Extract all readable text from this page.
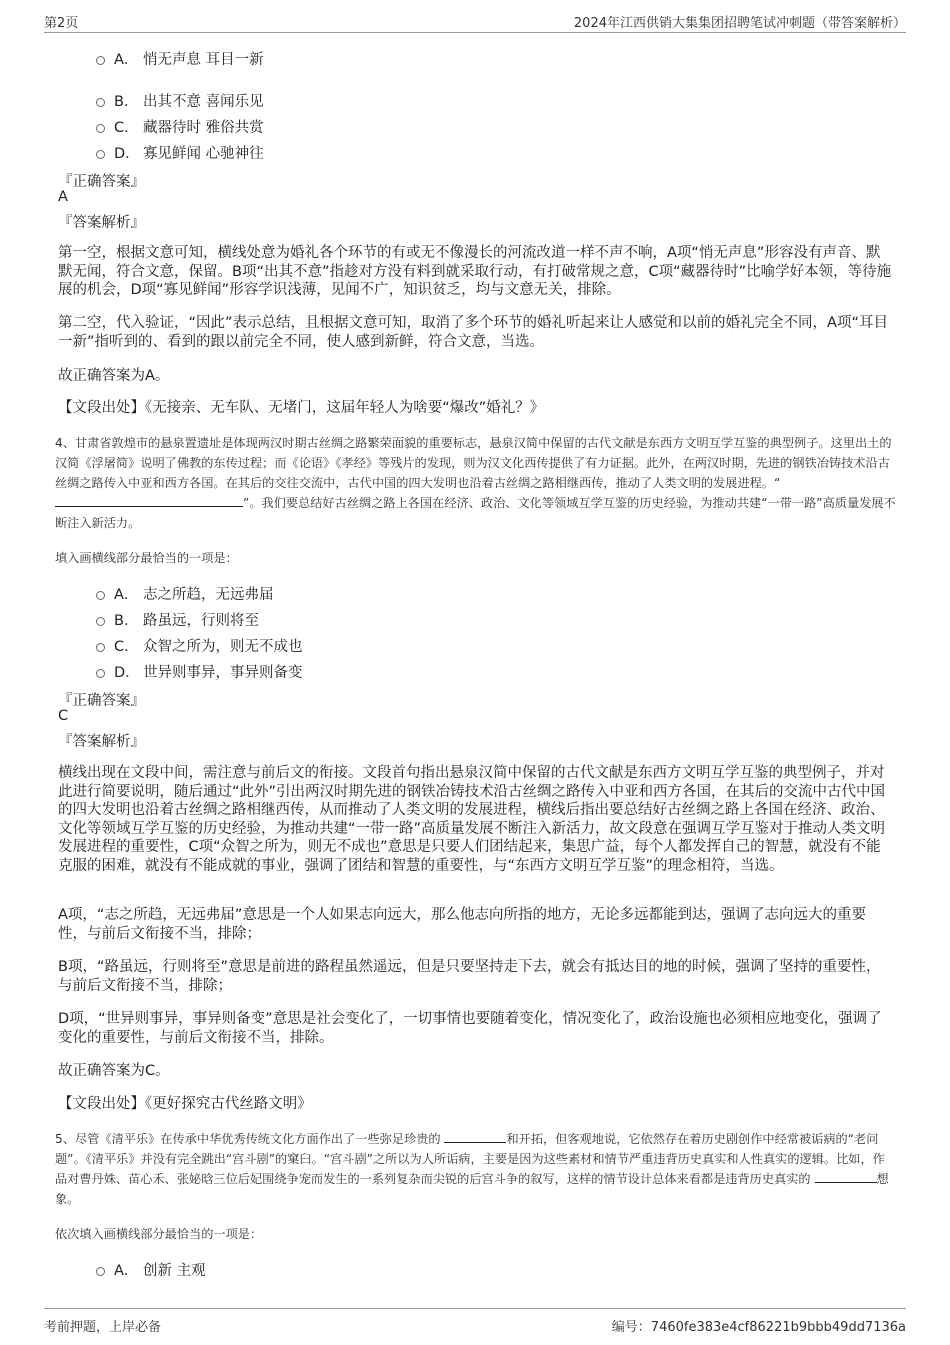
第2页	2024年江西供销大集集团招聘笔试冲刺题（带答案解析）
A． 悄无声息 耳目一新
B． 出其不意 喜闻乐见
C． 藏器待时 雅俗共赏
D． 寡见鲜闻 心驰神往
『正确答案』
A
『答案解析』
第一空，根据文意可知，横线处意为婚礼各个环节的有或无不像漫长的河流改道一样不声不响，A项“悄无声息”形容没有声音、默默无闻，符合文意，保留。B项“出其不意”指趁对方没有料到就采取行动，有打破常规之意，C项“藏器待时”比喻学好本领，等待施展的机会，D项“寡见鲜闻”形容学识浅薄，见闻不广，知识贫乏，均与文意无关，排除。
第二空，代入验证，“因此”表示总结，且根据文意可知，取消了多个环节的婚礼听起来让人感觉和以前的婚礼完全不同，A项“耳目一新”指听到的、看到的跟以前完全不同，使人感到新鲜，符合文意，当选。
故正确答案为A。
【文段出处】《无接亲、无车队、无堵门，这届年轻人为啥要“爆改”婚礼？》
4、甘肃省敦煌市的悬泉置遗址是体现两汉时期古丝绸之路繁荣面貌的重要标志，悬泉汉简中保留的古代文献是东西方文明互学互鉴的典型例子。这里出土的汉简《浮屠简》说明了佛教的东传过程；而《论语》《孝经》等残片的发现，则为汉文化西传提供了有力证据。此外，在两汉时期，先进的钢铁冶铸技术沿古丝绸之路传入中亚和西方各国。在其后的交往交流中，古代中国的四大发明也沿着古丝绸之路相继西传，推动了人类文明的发展进程。“”。我们要总结好古丝绸之路上各国在经济、政治、文化等领域互学互鉴的历史经验，为推动共建“一带一路”高质量发展不断注入新活力。
填入画横线部分最恰当的一项是：
A． 志之所趋，无远弗届
B． 路虽远，行则将至
C． 众智之所为，则无不成也
D． 世异则事异，事异则备变
『正确答案』
C
『答案解析』
横线出现在文段中间，需注意与前后文的衔接。文段首句指出悬泉汉简中保留的古代文献是东西方文明互学互鉴的典型例子，并对此进行简要说明，随后通过“此外”引出两汉时期先进的钢铁冶铸技术沿古丝绸之路传入中亚和西方各国，在其后的交流中古代中国的四大发明也沿着古丝绸之路相继西传，从而推动了人类文明的发展进程，横线后指出要总结好古丝绸之路上各国在经济、政治、文化等领域互学互鉴的历史经验，为推动共建“一带一路”高质量发展不断注入新活力，故文段意在强调互学互鉴对于推动人类文明发展进程的重要性，C项“众智之所为，则无不成也”意思是只要人们团结起来，集思广益，每个人都发挥自己的智慧，就没有不能克服的困难，就没有不能成就的事业，强调了团结和智慧的重要性，与“东西方文明互学互鉴”的理念相符，当选。
A项，“志之所趋，无远弗届”意思是一个人如果志向远大，那么他志向所指的地方，无论多远都能到达，强调了志向远大的重要性，与前后文衔接不当，排除；
B项，“路虽远，行则将至”意思是前进的路程虽然遥远，但是只要坚持走下去，就会有抵达目的地的时候，强调了坚持的重要性，与前后文衔接不当，排除；
D项，“世异则事异，事异则备变”意思是社会变化了，一切事情也要随着变化，情况变化了，政治设施也必须相应地变化，强调了变化的重要性，与前后文衔接不当，排除。
故正确答案为C。
【文段出处】《更好探究古代丝路文明》
5、尽管《清平乐》在传承中华优秀传统文化方面作出了一些弥足珍贵的	和开拓，但客观地说，它依然存在着历史剧创作中经常被诟病的“老问题”。《清平乐》并没有完全跳出“宫斗剧”的窠臼。“宫斗剧”之所以为人所诟病，主要是因为这些素材和情节严重违背历史真实和人性真实的逻辑。比如，作品对曹丹姝、苗心禾、张妼晗三位后妃围绕争宠而发生的一系列复杂而尖锐的后宫斗争的叙写，这样的情节设计总体来看都是违背历史真实的	想象。
依次填入画横线部分最恰当的一项是：
A． 创新 主观
考前押题，上岸必备	编号：7460fe383e4cf86221b9bbb49dd7136a
